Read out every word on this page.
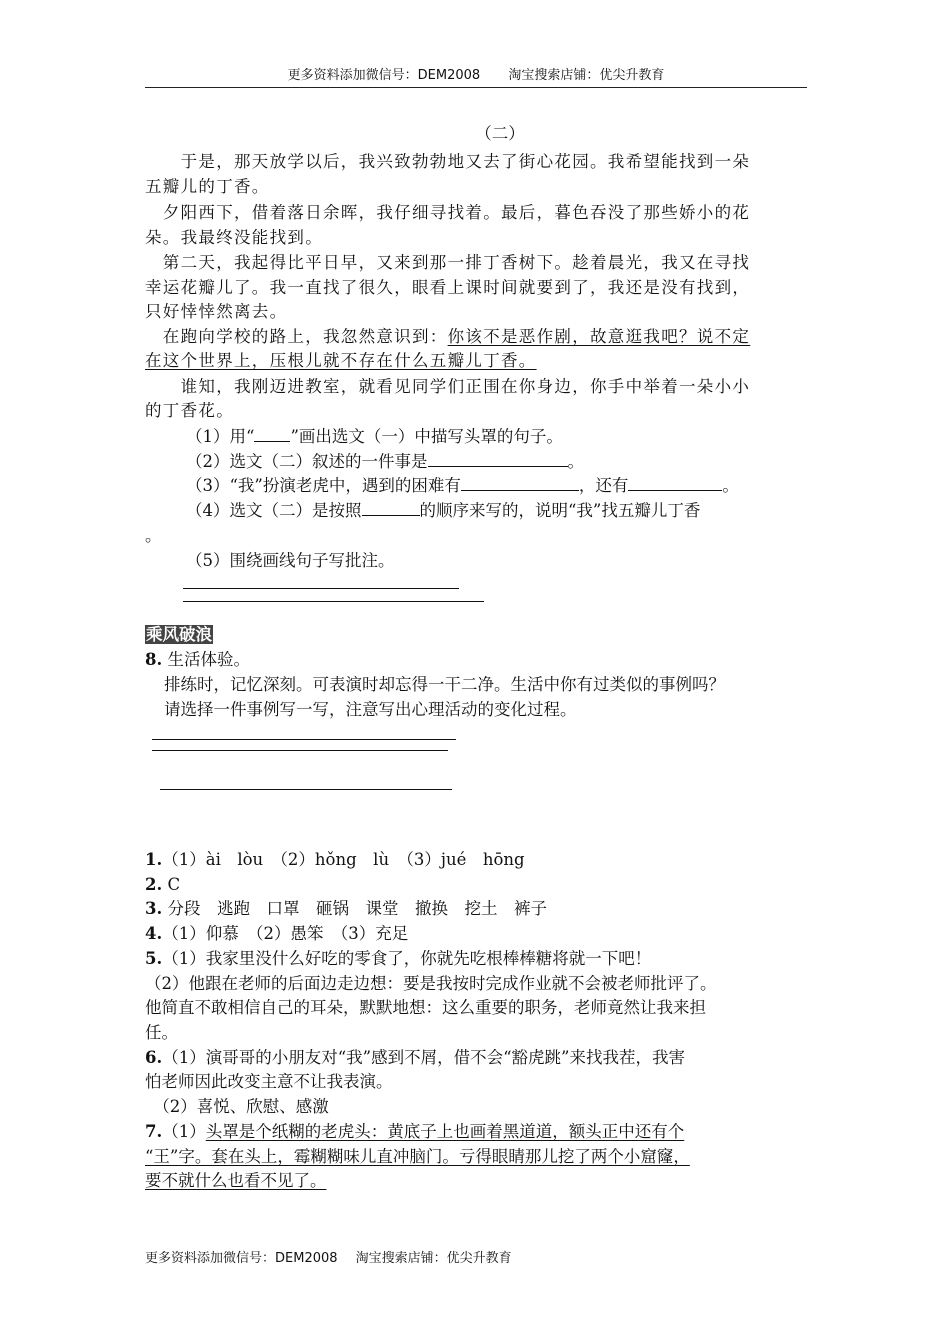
更多资料添加微信号：DEM2008 淘宝搜索店铺：优尖升教育
（二）
　　于是，那天放学以后，我兴致勃勃地又去了街心花园。我希望能找到一朵
五瓣儿的丁香。
　夕阳西下，借着落日余晖，我仔细寻找着。最后，暮色吞没了那些娇小的花
朵。我最终没能找到。
　第二天，我起得比平日早，又来到那一排丁香树下。趁着晨光，我又在寻找
幸运花瓣儿了。我一直找了很久，眼看上课时间就要到了，我还是没有找到，
只好悻悻然离去。
　在跑向学校的路上，我忽然意识到：你该不是恶作剧，故意逛我吧？说不定
在这个世界上，压根儿就不存在什么五瓣儿丁香。
　　谁知，我刚迈进教室，就看见同学们正围在你身边，你手中举着一朵小小
的丁香花。
（1）用“ ”画出选文（一）中描写头罩的句子。
（2）选文（二）叙述的一件事是	。
（3）“我”扮演老虎中，遇到的困难有	，还有	。
（4）选文（二）是按照	的顺序来写的，说明“我”找五瓣儿丁香
。
（5）围绕画线句子写批注。
乘风破浪
8. 生活体验。
排练时，记忆深刻。可表演时却忘得一干二净。生活中你有过类似的事例吗？
请选择一件事例写一写，注意写出心理活动的变化过程。
1.（1）ài　lòu　（2）hǒng　lù　（3）jué　hōng
2. C
3. 分段　逃跑　口罩　砸锅　课堂　撤换　挖土　裤子
4.（1）仰慕　（2）愚笨　（3）充足
5.（1）我家里没什么好吃的零食了，你就先吃根棒棒糖将就一下吧！
（2）他跟在老师的后面边走边想：要是我按时完成作业就不会被老师批评了。
他简直不敢相信自己的耳朵，默默地想：这么重要的职务，老师竟然让我来担
任。
6.（1）演哥哥的小朋友对“我”感到不屑，借不会“豁虎跳”来找我茬，我害
怕老师因此改变主意不让我表演。
　（2）喜悦、欣慰、感激
7.（1）头罩是个纸糊的老虎头：黄底子上也画着黑道道，额头正中还有个
“王”字。套在头上，霉糊糊味儿直冲脑门。亏得眼睛那儿挖了两个小窟窿，
要不就什么也看不见了。
更多资料添加微信号：DEM2008 淘宝搜索店铺：优尖升教育
